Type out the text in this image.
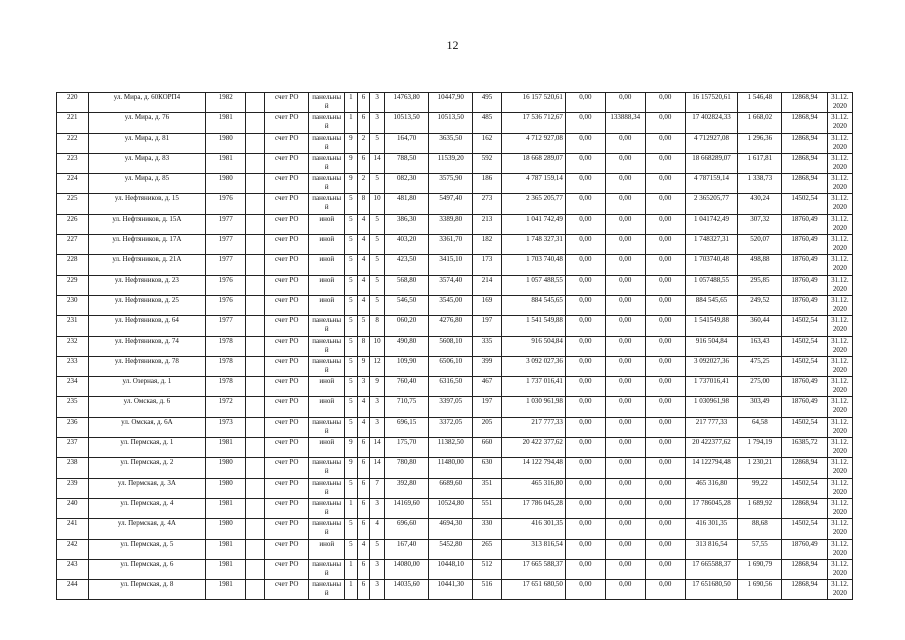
12
220	ул. Мира, д. 60КОРП4	1982		счет РО	панельный	1	6	3	14763,80	10447,90	495	16 157 520,61	0,00	0,00	0,00	16 157520,61	1 546,48	12868,94	31.12.2020
221	ул. Мира, д. 76	1981		счет РО	панельный	1	6	3	10513,50	10513,50	485	17 536 712,67	0,00	133888,34	0,00	17 402824,33	1 668,02	12868,94	31.12.2020
222	ул. Мира, д. 81	1980		счет РО	панельный	9	2	5	164,70	3635,50	162	4 712 927,08	0,00	0,00	0,00	4 712927,08	1 296,36	12868,94	31.12.2020
223	ул. Мира, д. 83	1981		счет РО	панельный	9	6	14	788,50	11539,20	592	18 668 289,07	0,00	0,00	0,00	18 668289,07	1 617,81	12868,94	31.12.2020
224	ул. Мира, д. 85	1980		счет РО	панельный	9	2	5	082,30	3575,90	186	4 787 159,14	0,00	0,00	0,00	4 787159,14	1 338,73	12868,94	31.12.2020
225	ул. Нефтяников, д. 15	1976		счет РО	панельный	5	8	10	481,80	5497,40	273	2 365 205,77	0,00	0,00	0,00	2 365205,77	430,24	14502,54	31.12.2020
226	ул. Нефтяников, д. 15А	1977		счет РО	иной	5	4	5	386,30	3389,80	213	1 041 742,49	0,00	0,00	0,00	1 041742,49	307,32	18760,49	31.12.2020
227	ул. Нефтяников, д. 17А	1977		счет РО	иной	5	4	5	403,20	3361,70	182	1 748 327,31	0,00	0,00	0,00	1 748327,31	520,07	18760,49	31.12.2020
228	ул. Нефтяников, д. 21А	1977		счет РО	иной	5	4	5	423,50	3415,10	173	1 703 740,48	0,00	0,00	0,00	1 703740,48	498,88	18760,49	31.12.2020
229	ул. Нефтяников, д. 23	1976		счет РО	иной	5	4	5	568,80	3574,40	214	1 057 488,55	0,00	0,00	0,00	1 057488,55	295,85	18760,49	31.12.2020
230	ул. Нефтяников, д. 25	1976		счет РО	иной	5	4	5	546,50	3545,00	169	884 545,65	0,00	0,00	0,00	884 545,65	249,52	18760,49	31.12.2020
231	ул. Нефтяников, д. 64	1977		счет РО	панельный	5	5	8	060,20	4276,80	197	1 541 549,88	0,00	0,00	0,00	1 541549,88	360,44	14502,54	31.12.2020
232	ул. Нефтяников, д. 74	1978		счет РО	панельный	5	8	10	490,80	5608,10	335	916 504,84	0,00	0,00	0,00	916 504,84	163,43	14502,54	31.12.2020
233	ул. Нефтяников, д. 78	1978		счет РО	панельный	5	9	12	109,90	6506,10	399	3 092 027,36	0,00	0,00	0,00	3 092027,36	475,25	14502,54	31.12.2020
234	ул. Озерная, д. 1	1978		счет РО	иной	5	3	9	760,40	6316,50	467	1 737 016,41	0,00	0,00	0,00	1 737016,41	275,00	18760,49	31.12.2020
235	ул. Омская, д. 6	1972		счет РО	иной	5	4	3	710,75	3397,05	197	1 030 961,98	0,00	0,00	0,00	1 030961,98	303,49	18760,49	31.12.2020
236	ул. Омская, д. 6А	1973		счет РО	панельный	5	4	3	696,15	3372,05	205	217 777,33	0,00	0,00	0,00	217 777,33	64,58	14502,54	31.12.2020
237	ул. Пермская, д. 1	1981		счет РО	иной	9	6	14	175,70	11382,50	660	20 422 377,62	0,00	0,00	0,00	20 422377,62	1 794,19	16385,72	31.12.2020
238	ул. Пермская, д. 2	1980		счет РО	панельный	9	6	14	780,80	11480,00	630	14 122 794,48	0,00	0,00	0,00	14 122794,48	1 230,21	12868,94	31.12.2020
239	ул. Пермская, д. 3А	1980		счет РО	панельный	5	6	7	392,80	6689,60	351	465 316,80	0,00	0,00	0,00	465 316,80	99,22	14502,54	31.12.2020
240	ул. Пермская, д. 4	1981		счет РО	панельный	1	6	3	14169,60	10524,80	551	17 786 045,28	0,00	0,00	0,00	17 786045,28	1 689,92	12868,94	31.12.2020
241	ул. Пермская, д. 4А	1980		счет РО	панельный	5	6	4	696,60	4694,30	330	416 301,35	0,00	0,00	0,00	416 301,35	88,68	14502,54	31.12.2020
242	ул. Пермская, д. 5	1981		счет РО	иной	5	4	5	167,40	5452,80	265	313 816,54	0,00	0,00	0,00	313 816,54	57,55	18760,49	31.12.2020
243	ул. Пермская, д. 6	1981		счет РО	панельный	1	6	3	14080,00	10448,10	512	17 665 588,37	0,00	0,00	0,00	17 665588,37	1 690,79	12868,94	31.12.2020
244	ул. Пермская, д. 8	1981		счет РО	панельный	1	6	3	14035,60	10441,30	516	17 651 680,50	0,00	0,00	0,00	17 651680,50	1 690,56	12868,94	31.12.2020
